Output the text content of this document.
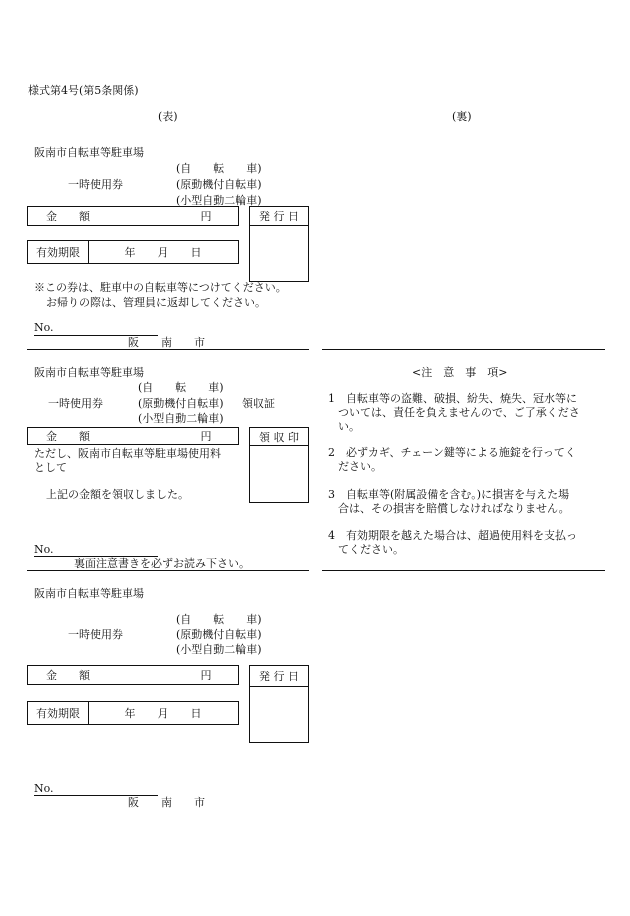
様式第4号(第5条関係)
(表)	(裏)
阪南市自転車等駐車場
(自　　転　　車)
一時使用券	(原動機付自転車)
(小型自動二輪車)
金　　額	円	発 行 日
有効期限	年　　月　　日
※この券は、駐車中の自転車等につけてください。
お帰りの際は、管理員に返却してください。
No.
阪　　南　　市
阪南市自転車等駐車場
(自　　転　　車)
一時使用券	(原動機付自転車) 領収証
(小型自動二輪車)
金　　額	円	領 収 印
ただし、阪南市自転車等駐車場使用料
として
上記の金額を領収しました。
No.
裏面注意書きを必ずお読み下さい。
<注　意　事　項>
1　自転車等の盗難、破損、紛失、焼失、冠水等に
ついては、責任を負えませんので、ご了承くださ
い。
2　必ずカギ、チェーン鍵等による施錠を行ってく
ださい。
3　自転車等(附属設備を含む。)に損害を与えた場
合は、その損害を賠償しなければなりません。
4　有効期限を越えた場合は、超過使用料を支払っ
てください。
阪南市自転車等駐車場
(自　　転　　車)
一時使用券	(原動機付自転車)
(小型自動二輪車)
金　　額	円	発 行 日
有効期限	年　　月　　日
No.
阪　　南　　市
